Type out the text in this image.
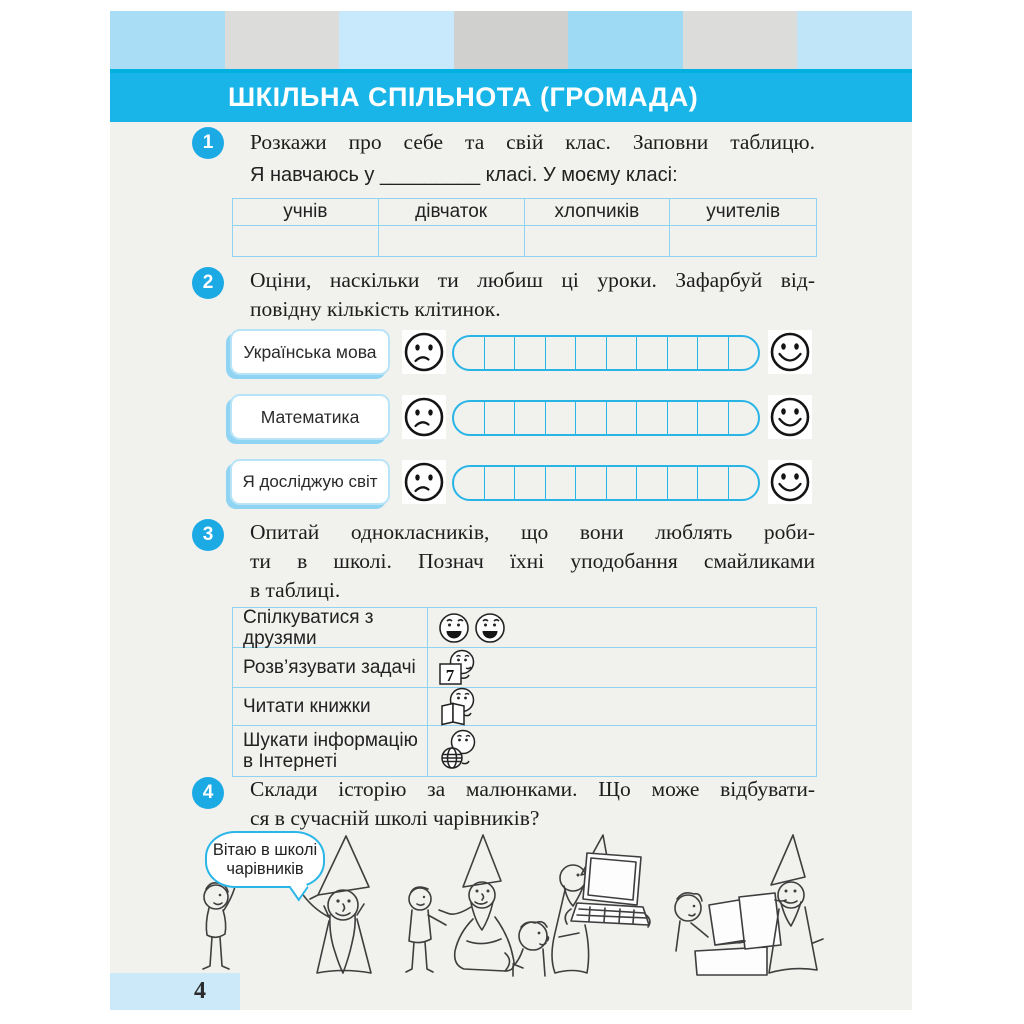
ШКІЛЬНА СПІЛЬНОТА (ГРОМАДА)
1	Розкажи про себе та свій клас. Заповни таблицю.
Я навчаюсь у _________ класі. У моєму класі:
учнів	дівчаток	хлопчиків	учителів
2	Оціни, наскільки ти любиш ці уроки. Зафарбуй від-
повідну кількість клітинок.
Українська мова
Математика
Я досліджую світ
3	Опитай однокласників, що вони люблять роби-
ти в школі. Познач їхні уподобання смайликами
в таблиці.
Спілкуватися з друзями
Розв’язувати задачі	7
Читати книжки
Шукати інформацію
в Інтернеті
4	Склади історію за малюнками. Що може відбувати-
ся в сучасній школі чарівників?
Вітаю в школі
чарівників
4
